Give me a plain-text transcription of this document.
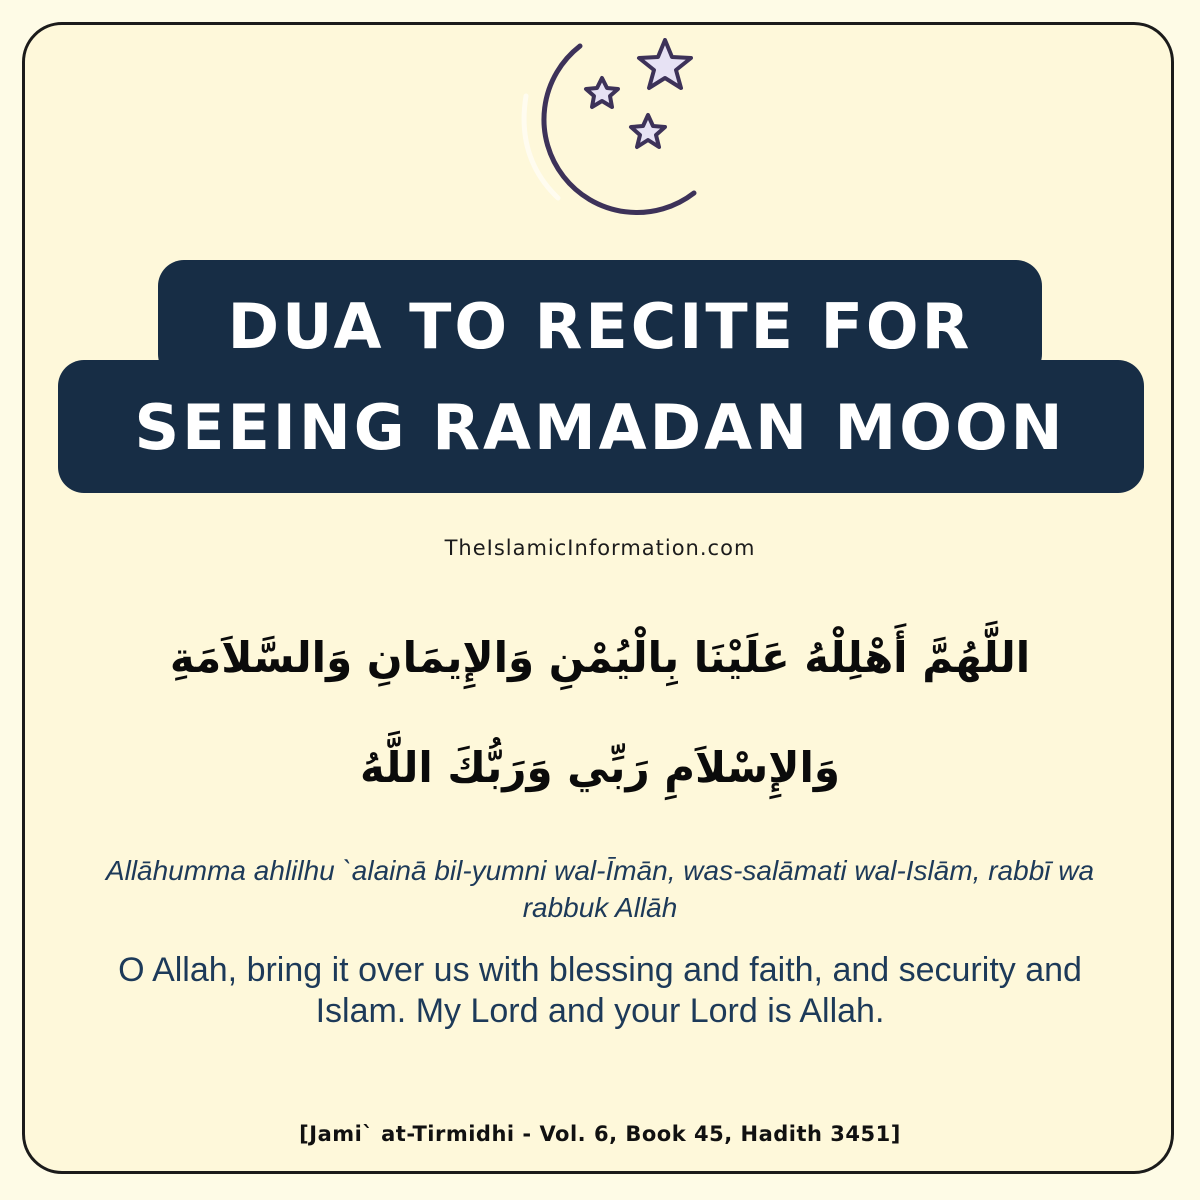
DUA TO RECITE FOR
SEEING RAMADAN MOON
TheIslamicInformation.com
اللَّهُمَّ أَهْلِلْهُ عَلَيْنَا بِالْيُمْنِ وَالإِيمَانِ وَالسَّلاَمَةِ
وَالإِسْلاَمِ رَبِّي وَرَبُّكَ اللَّهُ
Allāhumma ahlilhu `alainā bil-yumni wal-Īmān, was-salāmati wal-Islām, rabbī wa rabbuk Allāh
O Allah, bring it over us with blessing and faith, and security and Islam. My Lord and your Lord is Allah.
[Jami` at-Tirmidhi - Vol. 6, Book 45, Hadith 3451]
